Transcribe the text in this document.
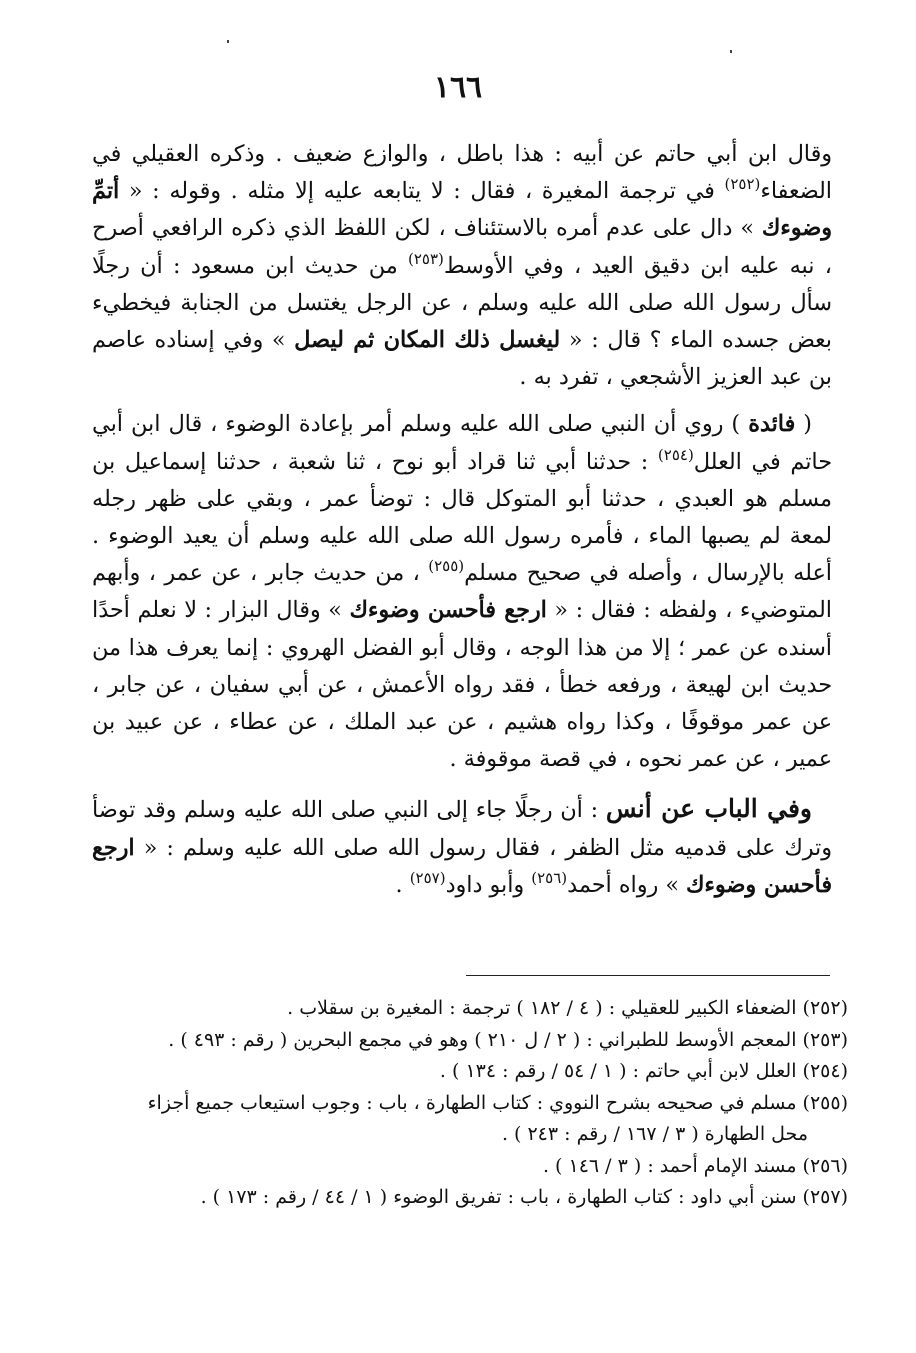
١٦٦

وقال ابن أبي حاتم عن أبيه : هذا باطل ، والوازع ضعيف . وذكره العقيلي في الضعفاء$^{(٢٥٢)}$ في ترجمة المغيرة ، فقال : لا يتابعه عليه إلا مثله . وقوله : « أتمِّ وضوءك » دال على عدم أمره بالاستئناف ، لكن اللفظ الذي ذكره الرافعي أصرح ، نبه عليه ابن دقيق العيد ، وفي الأوسط$^{(٢٥٣)}$ من حديث ابن مسعود : أن رجلًا سأل رسول الله صلى الله عليه وسلم ، عن الرجل يغتسل من الجنابة فيخطيء بعض جسده الماء ؟ قال : « ليغسل ذلك المكان ثم ليصل » وفي إسناده عاصم بن عبد العزيز الأشجعي ، تفرد به .

( فائدة ) روي أن النبي صلى الله عليه وسلم أمر بإعادة الوضوء ، قال ابن أبي حاتم في العلل$^{(٢٥٤)}$ : حدثنا أبي ثنا قراد أبو نوح ، ثنا شعبة ، حدثنا إسماعيل بن مسلم هو العبدي ، حدثنا أبو المتوكل قال : توضأ عمر ، وبقي على ظهر رجله لمعة لم يصبها الماء ، فأمره رسول الله صلى الله عليه وسلم أن يعيد الوضوء . أعله بالإرسال ، وأصله في صحيح مسلم$^{(٢٥٥)}$ ، من حديث جابر ، عن عمر ، وأبهم المتوضيء ، ولفظه : فقال : « ارجع فأحسن وضوءك » وقال البزار : لا نعلم أحدًا أسنده عن عمر ؛ إلا من هذا الوجه ، وقال أبو الفضل الهروي : إنما يعرف هذا من حديث ابن لهيعة ، ورفعه خطأ ، فقد رواه الأعمش ، عن أبي سفيان ، عن جابر ، عن عمر موقوفًا ، وكذا رواه هشيم ، عن عبد الملك ، عن عطاء ، عن عبيد بن عمير ، عن عمر نحوه ، في قصة موقوفة .

وفي الباب عن أنس : أن رجلًا جاء إلى النبي صلى الله عليه وسلم وقد توضأ وترك على قدميه مثل الظفر ، فقال رسول الله صلى الله عليه وسلم : « ارجع فأحسن وضوءك » رواه أحمد$^{(٢٥٦)}$ وأبو داود$^{(٢٥٧)}$ .

(٢٥٢) الضعفاء الكبير للعقيلي : ( ٤ / ١٨٢ ) ترجمة : المغيرة بن سقلاب .

(٢٥٣) المعجم الأوسط للطبراني : ( ٢ / ل ٢١٠ ) وهو في مجمع البحرين ( رقم : ٤٩٣ ) .

(٢٥٤) العلل لابن أبي حاتم : ( ١ / ٥٤ / رقم : ١٣٤ ) .

(٢٥٥) مسلم في صحيحه بشرح النووي : كتاب الطهارة ، باب : وجوب استيعاب جميع أجزاء

محل الطهارة ( ٣ / ١٦٧ / رقم : ٢٤٣ ) .

(٢٥٦) مسند الإمام أحمد : ( ٣ / ١٤٦ ) .

(٢٥٧) سنن أبي داود : كتاب الطهارة ، باب : تفريق الوضوء ( ١ / ٤٤ / رقم : ١٧٣ ) .
